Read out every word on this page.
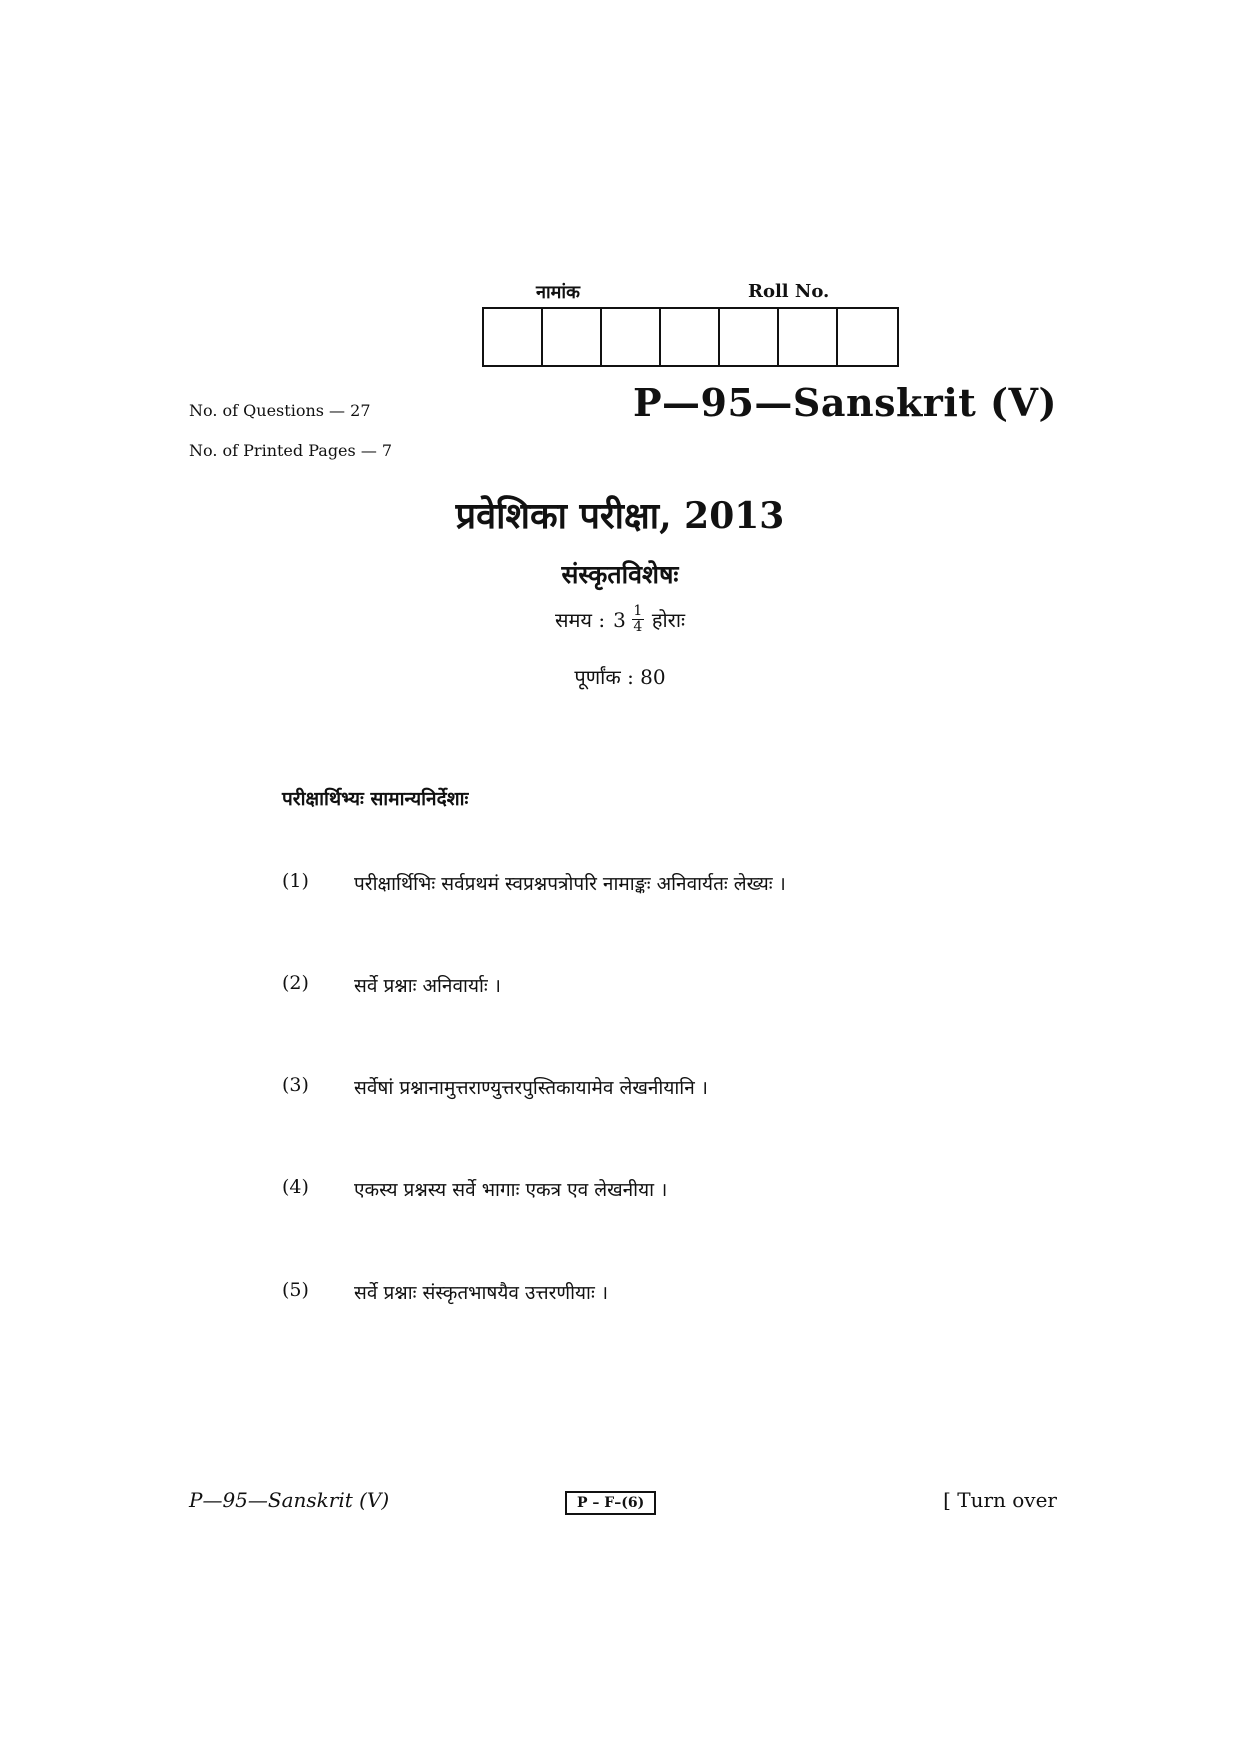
नामांक	Roll No.
No. of Questions — 27
No. of Printed Pages — 7
P—95—Sanskrit (V)
प्रवेशिका परीक्षा, 2013
संस्कृतविशेषः
समय : $3 \frac{1}{4}$ होराः
पूर्णांक : 80
परीक्षार्थिभ्यः सामान्यनिर्देशाः
(1)	परीक्षार्थिभिः सर्वप्रथमं स्वप्रश्नपत्रोपरि नामाङ्कः अनिवार्यतः लेख्यः ।
(2)	सर्वे प्रश्नाः अनिवार्याः ।
(3)	सर्वेषां प्रश्नानामुत्तराण्युत्तरपुस्तिकायामेव लेखनीयानि ।
(4)	एकस्य प्रश्नस्य सर्वे भागाः एकत्र एव लेखनीया ।
(5)	सर्वे प्रश्नाः संस्कृतभाषयैव उत्तरणीयाः ।
P—95—Sanskrit (V)	P – F–(6)	[ Turn over
